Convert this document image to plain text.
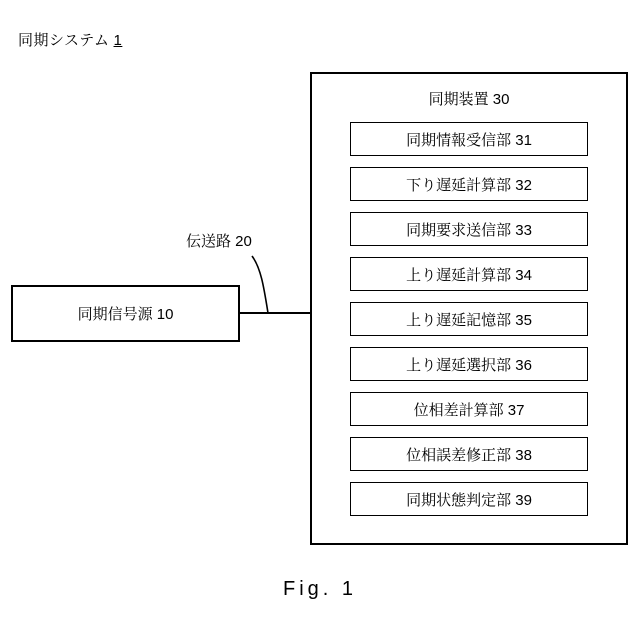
同期システム 1
伝送路 20
同期信号源 10
同期装置 30
同期情報受信部 31
下り遅延計算部 32
同期要求送信部 33
上り遅延計算部 34
上り遅延記憶部 35
上り遅延選択部 36
位相差計算部 37
位相誤差修正部 38
同期状態判定部 39
Fig. 1
